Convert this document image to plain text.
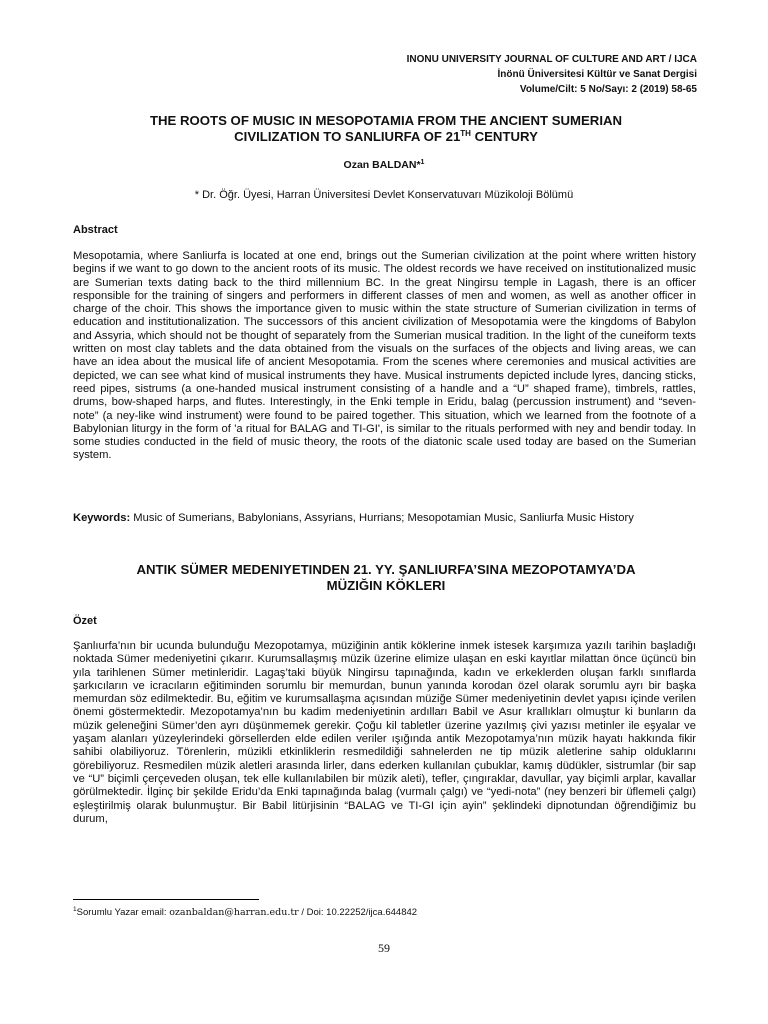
INONU UNIVERSITY JOURNAL OF CULTURE AND ART / IJCA
İnönü Üniversitesi Kültür ve Sanat Dergisi
Volume/Cilt: 5 No/Sayı: 2 (2019) 58-65
THE ROOTS OF MUSIC IN MESOPOTAMIA FROM THE ANCIENT SUMERIAN
CIVILIZATION TO SANLIURFA OF 21TH CENTURY
Ozan BALDAN*$^1$
* Dr. Öğr. Üyesi, Harran Üniversitesi Devlet Konservatuvarı Müzikoloji Bölümü
Abstract

Mesopotamia, where Sanliurfa is located at one end, brings out the Sumerian civilization at the point where written history begins if we want to go down to the ancient roots of its music. The oldest records we have received on institutionalized music are Sumerian texts dating back to the third millennium BC. In the great Ningirsu temple in Lagash, there is an officer responsible for the training of singers and performers in different classes of men and women, as well as another officer in charge of the choir. This shows the importance given to music within the state structure of Sumerian civilization in terms of education and institutionalization. The successors of this ancient civilization of Mesopotamia were the kingdoms of Babylon and Assyria, which should not be thought of separately from the Sumerian musical tradition. In the light of the cuneiform texts written on most clay tablets and the data obtained from the visuals on the surfaces of the objects and living areas, we can have an idea about the musical life of ancient Mesopotamia. From the scenes where ceremonies and musical activities are depicted, we can see what kind of musical instruments they have. Musical instruments depicted include lyres, dancing sticks, reed pipes, sistrums (a one-handed musical instrument consisting of a handle and a “U” shaped frame), timbrels, rattles, drums, bow-shaped harps, and flutes. Interestingly, in the Enki temple in Eridu, balag (percussion instrument) and “seven-note” (a ney-like wind instrument) were found to be paired together. This situation, which we learned from the footnote of a Babylonian liturgy in the form of 'a ritual for BALAG and TI-GI', is similar to the rituals performed with ney and bendir today. In some studies conducted in the field of music theory, the roots of the diatonic scale used today are based on the Sumerian system.

Keywords: Music of Sumerians, Babylonians, Assyrians, Hurrians; Mesopotamian Music, Sanliurfa Music History

ANTIK SÜMER MEDENIYETINDEN 21. YY. ŞANLIURFA’SINA MEZOPOTAMYA’DA
MÜZIĞIN KÖKLERI
Özet

Şanlıurfa’nın bir ucunda bulunduğu Mezopotamya, müziğinin antik köklerine inmek istesek karşımıza yazılı tarihin başladığı noktada Sümer medeniyetini çıkarır. Kurumsallaşmış müzik üzerine elimize ulaşan en eski kayıtlar milattan önce üçüncü bin yıla tarihlenen Sümer metinleridir. Lagaş’taki büyük Ningirsu tapınağında, kadın ve erkeklerden oluşan farklı sınıflarda şarkıcıların ve icracıların eğitiminden sorumlu bir memurdan, bunun yanında korodan özel olarak sorumlu ayrı bir başka memurdan söz edilmektedir. Bu, eğitim ve kurumsallaşma açısından müziğe Sümer medeniyetinin devlet yapısı içinde verilen önemi göstermektedir. Mezopotamya’nın bu kadim medeniyetinin ardılları Babil ve Asur krallıkları olmuştur ki bunların da müzik geleneğini Sümer’den ayrı düşünmemek gerekir. Çoğu kil tabletler üzerine yazılmış çivi yazısı metinler ile eşyalar ve yaşam alanları yüzeylerindeki görsellerden elde edilen veriler ışığında antik Mezopotamya’nın müzik hayatı hakkında fikir sahibi olabiliyoruz. Törenlerin, müzikli etkinliklerin resmedildiği sahnelerden ne tip müzik aletlerine sahip olduklarını görebiliyoruz. Resmedilen müzik aletleri arasında lirler, dans ederken kullanılan çubuklar, kamış düdükler, sistrumlar (bir sap ve “U” biçimli çerçeveden oluşan, tek elle kullanılabilen bir müzik aleti), tefler, çıngıraklar, davullar, yay biçimli arplar, kavallar görülmektedir. İlginç bir şekilde Eridu’da Enki tapınağında balag (vurmalı çalgı) ve “yedi-nota” (ney benzeri bir üflemeli çalgı) eşleştirilmiş olarak bulunmuştur. Bir Babil litürjisinin “BALAG ve TI-GI için ayin” şeklindeki dipnotundan öğrendiğimiz bu durum,

$^1$Sorumlu Yazar email: ozanbaldan@harran.edu.tr / Doi: 10.22252/ijca.644842
59
